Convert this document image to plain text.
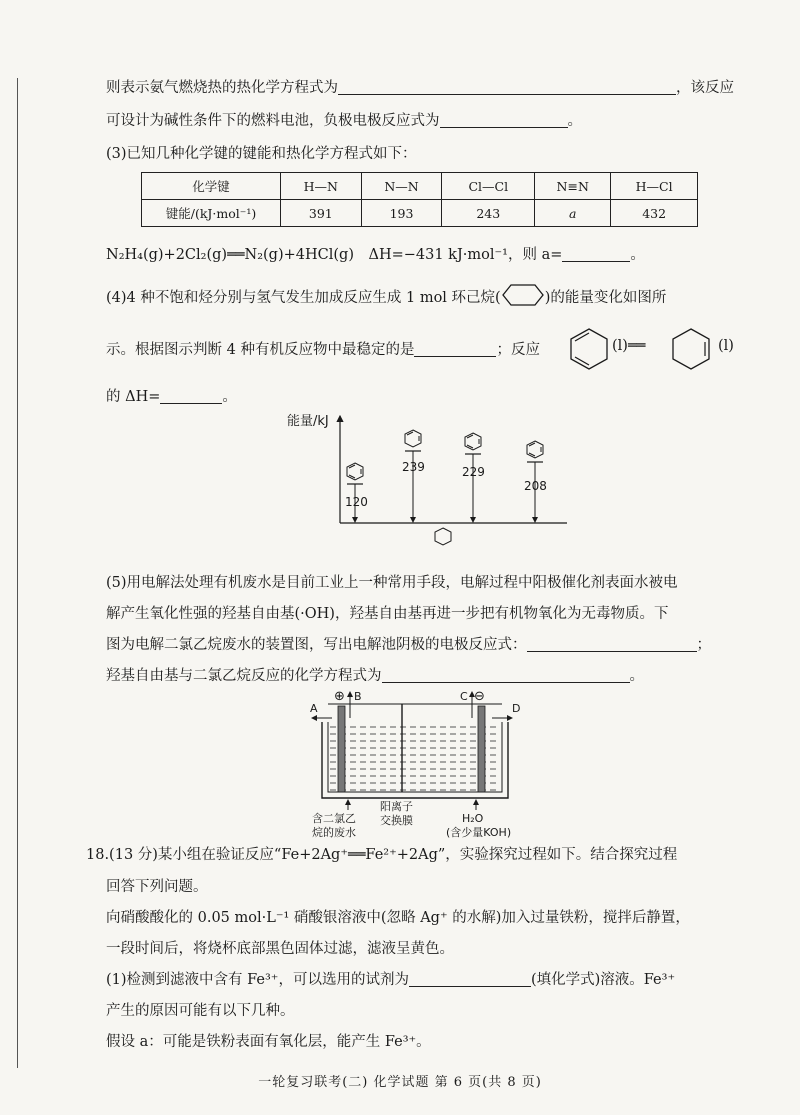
则表示氨气燃烧热的热化学方程式为	，该反应
可设计为碱性条件下的燃料电池，负极电极反应式为	。
(3)已知几种化学键的键能和热化学方程式如下：
化学键	H—N	N—N	Cl—Cl	N≡N	H—Cl
键能/(kJ·mol⁻¹)	391	193	243	a	432
N₂H₄(g)+2Cl₂(g)══N₂(g)+4HCl(g)　ΔH=−431 kJ·mol⁻¹，则 a=	。
(4)4 种不饱和烃分别与氢气发生加成反应生成 1 mol 环己烷(	)的能量变化如图所
示。根据图示判断 4 种有机反应物中最稳定的是	；反应	(l)══	(l)
的 ΔH=	。
能量/kJ
120
239	229
208
(5)用电解法处理有机废水是目前工业上一种常用手段，电解过程中阳极催化剂表面水被电
解产生氧化性强的羟基自由基(·OH)，羟基自由基再进一步把有机物氧化为无毒物质。下
图为电解二氯乙烷废水的装置图，写出电解池阴极的电极反应式：	；
羟基自由基与二氯乙烷反应的化学方程式为	。
⊕	⊖
A
B	C
D
阳离子
交换膜
含二氯乙
烷的废水
H₂O
(含少量KOH)
18.(13 分)某小组在验证反应“Fe+2Ag⁺══Fe²⁺+2Ag”，实验探究过程如下。结合探究过程
回答下列问题。
向硝酸酸化的 0.05 mol·L⁻¹ 硝酸银溶液中(忽略 Ag⁺ 的水解)加入过量铁粉，搅拌后静置，
一段时间后，将烧杯底部黑色固体过滤，滤液呈黄色。
(1)检测到滤液中含有 Fe³⁺，可以选用的试剂为	(填化学式)溶液。Fe³⁺
产生的原因可能有以下几种。
假设 a：可能是铁粉表面有氧化层，能产生 Fe³⁺。
一轮复习联考(二) 化学试题 第 6 页(共 8 页)
